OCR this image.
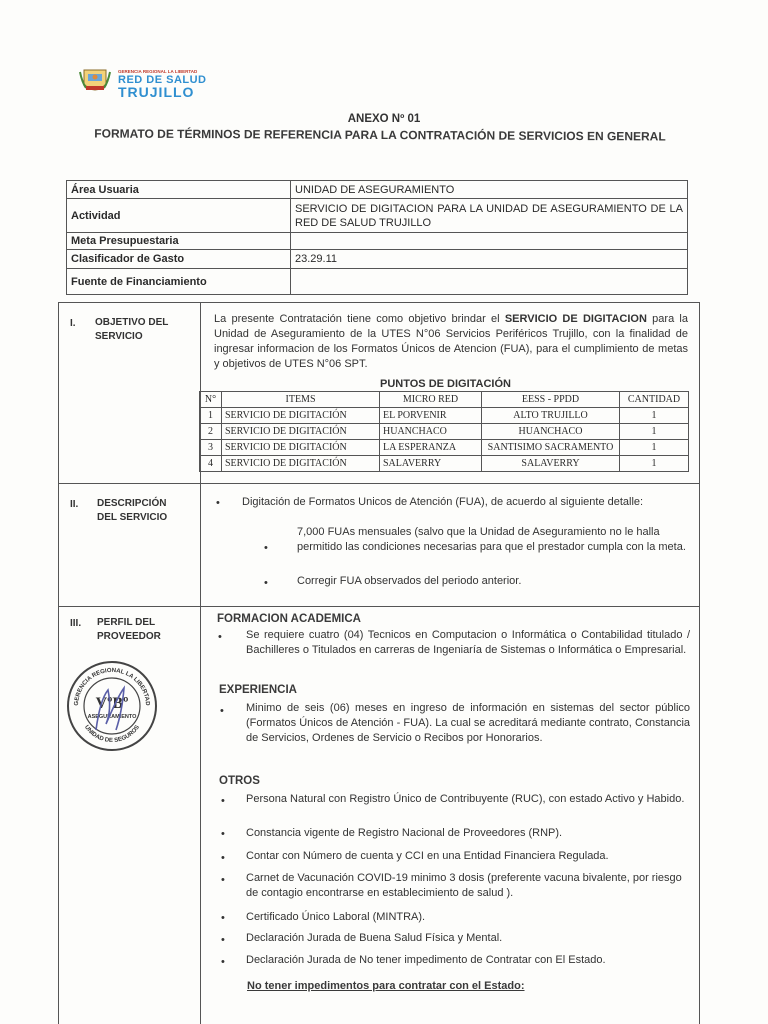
GERENCIA REGIONAL LA LIBERTAD
RED DE SALUD
TRUJILLO
ANEXO Nº 01
FORMATO DE TÉRMINOS DE REFERENCIA PARA LA CONTRATACIÓN DE SERVICIOS EN GENERAL
Área Usuaria	UNIDAD DE ASEGURAMIENTO
Actividad	SERVICIO DE DIGITACION PARA LA UNIDAD DE ASEGURAMIENTO DE LA RED DE SALUD TRUJILLO
Meta Presupuestaria	
Clasificador de Gasto	23.29.11
Fuente de Financiamiento	
I. OBJETIVO DEL
SERVICIO
La presente Contratación tiene como objetivo brindar el SERVICIO DE DIGITACION para la Unidad de Aseguramiento de la UTES N°06 Servicios Periféricos Trujillo, con la finalidad de ingresar informacion de los Formatos Únicos de Atencion (FUA), para el cumplimiento de metas y objetivos de UTES N°06 SPT.
PUNTOS DE DIGITACIÓN
N°	ITEMS	MICRO RED	EESS - PPDD	CANTIDAD
1	SERVICIO DE DIGITACIÓN	EL PORVENIR	ALTO TRUJILLO	1
2	SERVICIO DE DIGITACIÓN	HUANCHACO	HUANCHACO	1
3	SERVICIO DE DIGITACIÓN	LA ESPERANZA	SANTISIMO SACRAMENTO	1
4	SERVICIO DE DIGITACIÓN	SALAVERRY	SALAVERRY	1
II. DESCRIPCIÓN
DEL SERVICIO
• Digitación de Formatos Unicos de Atención (FUA), de acuerdo al siguiente detalle:
•
7,000 FUAs mensuales (salvo que la Unidad de Aseguramiento no le halla permitido las condiciones necesarias para que el prestador cumpla con la meta.
•	Corregir FUA observados del periodo anterior.
III. PERFIL DEL
PROVEEDOR
GERENCIA REGIONAL LA LIBERTAD
UNIDAD DE SEGUROS
VºBº
ASEGURAMIENTO
FORMACION ACADEMICA
• Se requiere cuatro (04) Tecnicos en Computacion o Informática o Contabilidad titulado / Bachilleres o Titulados en carreras de Ingeniaría de Sistemas o Informática o Empresarial.
EXPERIENCIA
• Minimo de seis (06) meses en ingreso de información en sistemas del sector público (Formatos Únicos de Atención - FUA). La cual se acreditará mediante contrato, Constancia de Servicios, Ordenes de Servicio o Recibos por Honorarios.
OTROS
• Persona Natural con Registro Único de Contribuyente (RUC), con estado Activo y Habido.
• Constancia vigente de Registro Nacional de Proveedores (RNP).
• Contar con Número de cuenta y CCI en una Entidad Financiera Regulada.
• Carnet de Vacunación COVID-19 minimo 3 dosis (preferente vacuna bivalente, por riesgo de contagio encontrarse en establecimiento de salud ).
• Certificado Único Laboral (MINTRA).
• Declaración Jurada de Buena Salud Física y Mental.
• Declaración Jurada de No tener impedimento de Contratar con El Estado.
No tener impedimentos para contratar con el Estado:
